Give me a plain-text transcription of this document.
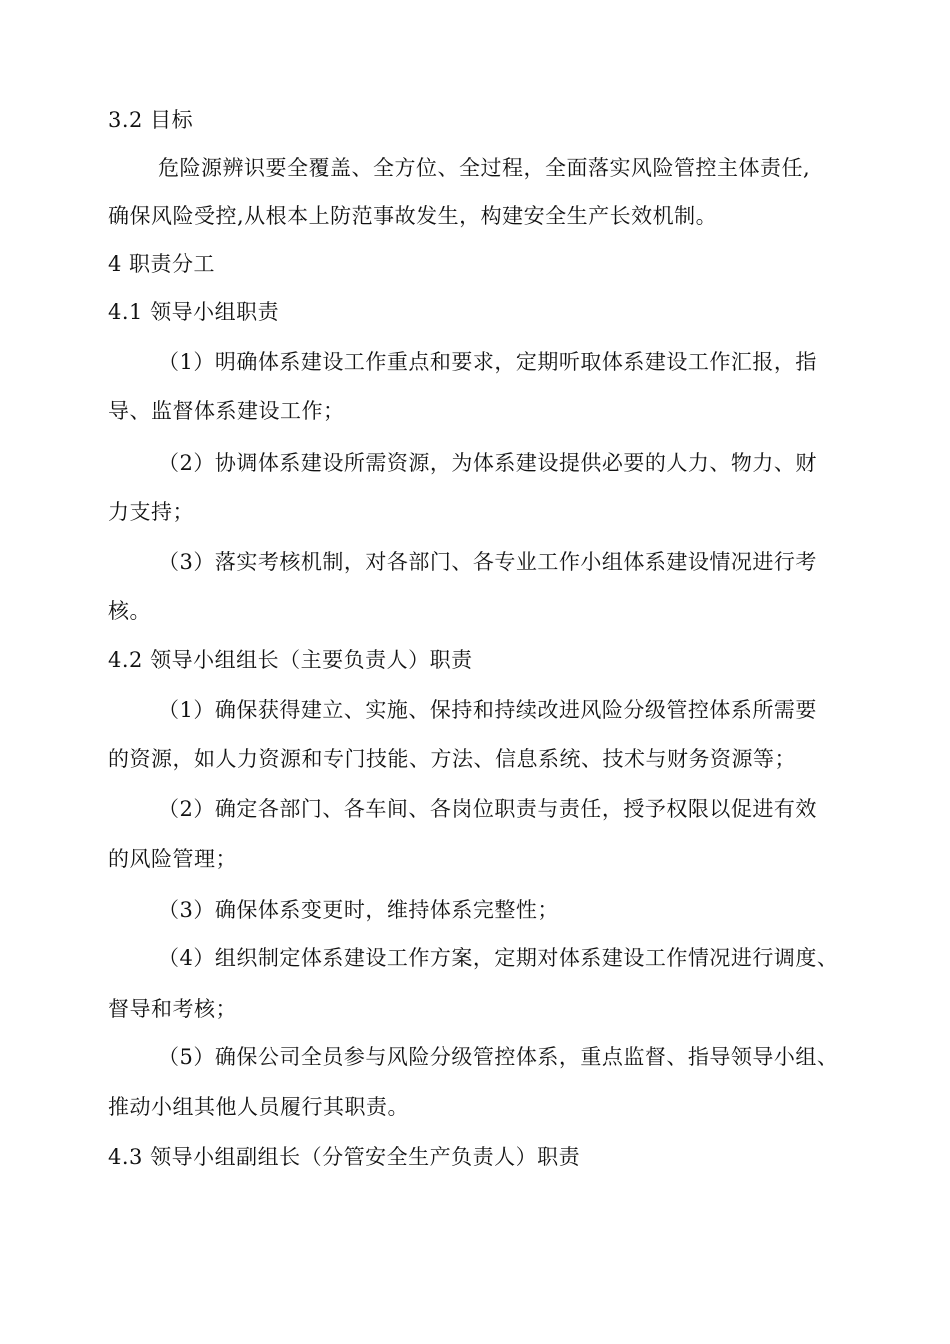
3.2 目标
危险源辨识要全覆盖、全方位、全过程，全面落实风险管控主体责任,
确保风险受控,从根本上防范事故发生，构建安全生产长效机制。
4 职责分工
4.1 领导小组职责
（1）明确体系建设工作重点和要求，定期听取体系建设工作汇报，指
导、监督体系建设工作；
（2）协调体系建设所需资源，为体系建设提供必要的人力、物力、财
力支持；
（3）落实考核机制，对各部门、各专业工作小组体系建设情况进行考
核。
4.2 领导小组组长（主要负责人）职责
（1）确保获得建立、实施、保持和持续改进风险分级管控体系所需要
的资源，如人力资源和专门技能、方法、信息系统、技术与财务资源等；
（2）确定各部门、各车间、各岗位职责与责任，授予权限以促进有效
的风险管理；
（3）确保体系变更时，维持体系完整性；
（4）组织制定体系建设工作方案，定期对体系建设工作情况进行调度、
督导和考核；
（5）确保公司全员参与风险分级管控体系，重点监督、指导领导小组、
推动小组其他人员履行其职责。
4.3 领导小组副组长（分管安全生产负责人）职责
